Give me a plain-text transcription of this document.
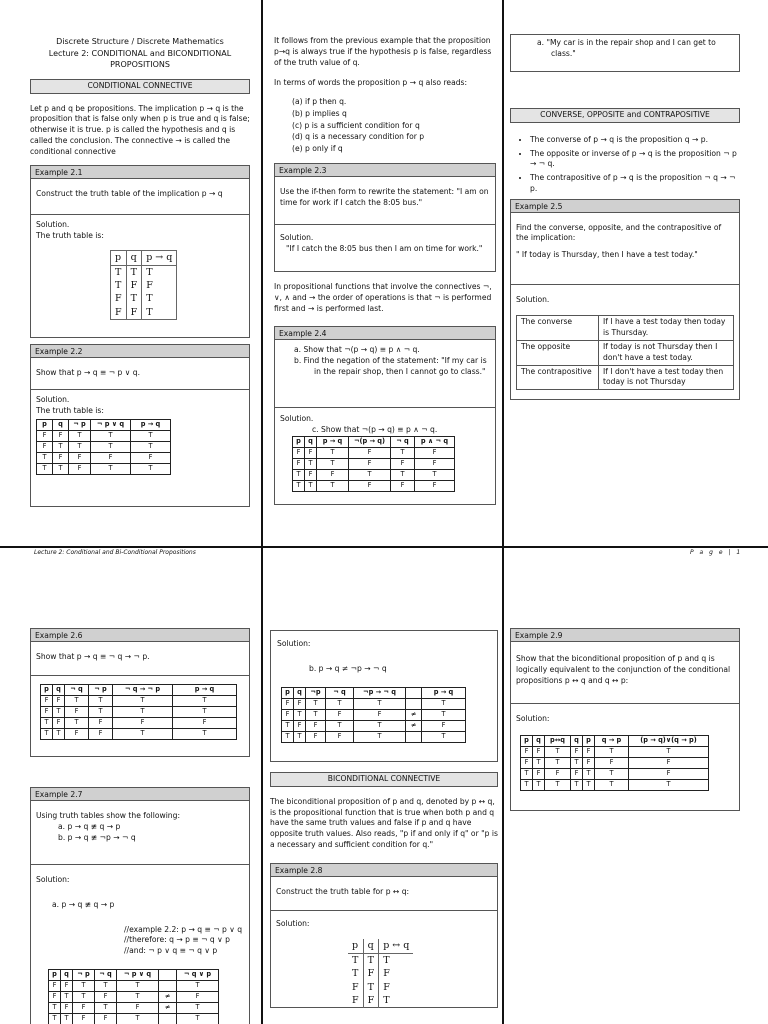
Discrete Structure / Discrete Mathematics
Lecture 2: CONDITIONAL and BICONDITIONAL
PROPOSITIONS
CONDITIONAL CONNECTIVE

Let p and q be propositions. The implication p → q is the proposition that is false only when p is true and q is false; otherwise it is true. p is called the hypothesis and q is called the conclusion. The connective → is called the conditional connective

Example 2.1
Construct the truth table of the implication p → q
Solution.
The truth table is:
p	q	p → q
T	T	T
T	F	F
F	T	T
F	F	T
Example 2.2
Show that p → q ≡ ¬ p ∨ q.
Solution.
The truth table is:
p	q	¬ p	¬ p ∨ q	p → q
F	F	T	T	T
F	T	T	T	T
T	F	F	F	F
T	T	F	T	T

It follows from the previous example that the proposition p→q is always true if the hypothesis p is false, regardless of the truth value of q.

In terms of words the proposition p → q also reads:

(a) if p then q.
(b) p implies q
(c) p is a sufficient condition for q
(d) q is a necessary condition for p
(e) p only if q
Example 2.3
Use the if-then form to rewrite the statement: "I am on time for work if I catch the 8:05 bus."
Solution.
"If I catch the 8:05 bus then I am on time for work."

In propositional functions that involve the connectives ¬, ∨, ∧ and → the order of operations is that ¬ is performed first and → is performed last.

Example 2.4
a. Show that ¬(p → q) ≡ p ∧ ¬ q.
b. Find the negation of the statement: "If my car is in the repair shop, then I cannot go to class."
Solution.
c. Show that ¬(p → q) ≡ p ∧ ¬ q.
p	q	p → q	¬(p → q)	¬ q	p ∧ ¬ q
F	F	T	F	T	F
F	T	T	F	F	F
T	F	F	T	T	T
T	T	T	F	F	F
a. "My car is in the repair shop and I can get to class."
CONVERSE, OPPOSITE and CONTRAPOSITIVE
• The converse of p → q is the proposition q → p.
• The opposite or inverse of p → q is the proposition ¬ p → ¬ q.
• The contrapositive of p → q is the proposition ¬ q → ¬ p.
Example 2.5

Find the converse, opposite, and the contrapositive of the implication:

" If today is Thursday, then I have a test today."

Solution.
The converse	If I have a test today then today is Thursday.
The opposite	If today is not Thursday then I don't have a test today.
The contrapositive	If I don't have a test today then today is not Thursday
Lecture 2: Conditional and Bi-Conditional Propositions	P a g e | 1
Example 2.6
Show that p → q ≡ ¬ q → ¬ p.
p	q	¬ q	¬ p	¬ q → ¬ p	p → q
F	F	T	T	T	T
F	T	F	T	T	T
T	F	T	F	F	F
T	T	F	F	T	T
Example 2.7
Using truth tables show the following:
a. p → q ≢ q → p
b. p → q ≢ ¬p → ¬ q
Solution:
a. p → q ≢ q → p
//example 2.2: p → q ≡ ¬ p ∨ q
//therefore: q → p ≡ ¬ q ∨ p
//and: ¬ p ∨ q ≡ ¬ q ∨ p
p	q	¬ p	¬ q	¬ p ∨ q		¬ q ∨ p
F	F	T	T	T		T
F	T	T	F	T	≠	F
T	F	F	T	F	≠	T
T	T	F	F	T		T
Solution:
b. p → q ≠ ¬p → ¬ q
p	q	¬p	¬ q	¬p → ¬ q		p → q
F	F	T	T	T		T
F	T	T	F	F	≠	T
T	F	F	T	T	≠	F
T	T	F	F	T		T
BICONDITIONAL CONNECTIVE

The biconditional proposition of p and q, denoted by p ↔ q, is the propositional function that is true when both p and q have the same truth values and false if p and q have opposite truth values. Also reads, "p if and only if q" or "p is a necessary and sufficient condition for q."

Example 2.8
Construct the truth table for p ↔ q:
Solution:
p	q	p ↔ q
T	T	T
T	F	F
F	T	F
F	F	T
Example 2.9
Show that the biconditional proposition of p and q is logically equivalent to the conjunction of the conditional propositions p ↔ q and q ↔ p:
Solution:
p	q	p↔q	q	p	q → p	(p → q)∨(q → p)
F	F	T	F	F	T	T
F	T	T	T	F	F	F
T	F	F	F	T	T	F
T	T	T	T	T	T	T
